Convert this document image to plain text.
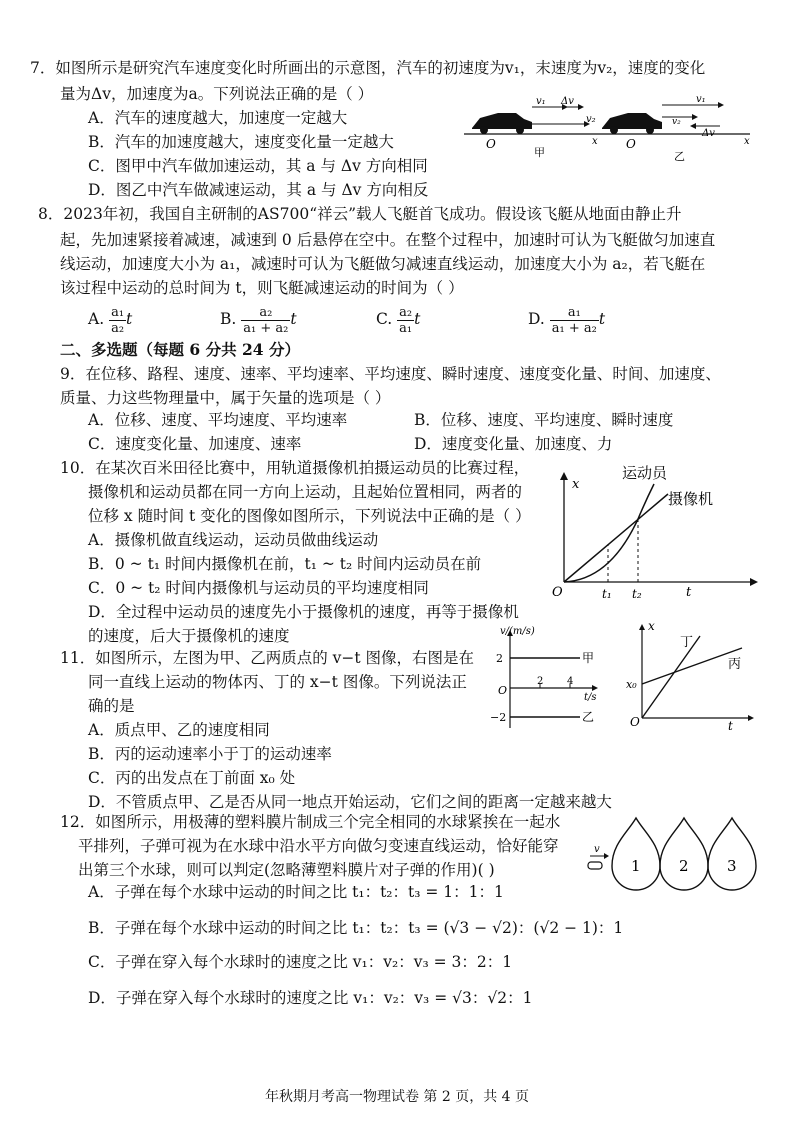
7．如图所示是研究汽车速度变化时所画出的示意图，汽车的初速度为v₁，末速度为v₂，速度的变化
量为Δv，加速度为a。下列说法正确的是（ ）
A．汽车的速度越大，加速度一定越大
B．汽车的加速度越大，速度变化量一定越大
C．图甲中汽车做加速运动，其 a 与 Δv 方向相同
D．图乙中汽车做减速运动，其 a 与 Δv 方向相反
v₁ Δv
v₂
O	x
甲
v₁
v₂
Δv
O	x
乙
8．2023年初，我国自主研制的AS700“祥云”载人飞艇首飞成功。假设该飞艇从地面由静止升
起，先加速紧接着减速，减速到 0 后悬停在空中。在整个过程中，加速时可认为飞艇做匀加速直
线运动，加速度大小为 a₁，减速时可认为飞艇做匀减速直线运动，加速度大小为 a₂，若飞艇在
该过程中运动的总时间为 t，则飞艇减速运动的时间为（ ）
A. $\frac{\text{a₁}}{\text{a₂}}$ t	B. $\frac{\text{a₂}}{\text{a₁ + a₂}}$ t	C. $\frac{\text{a₂}}{\text{a₁}}$ t	D. $\frac{\text{a₁}}{\text{a₁ + a₂}}$ t
二、多选题（每题 6 分共 24 分）
9．在位移、路程、速度、速率、平均速率、平均速度、瞬时速度、速度变化量、时间、加速度、
质量、力这些物理量中，属于矢量的选项是（ ）
A．位移、速度、平均速度、平均速率	B．位移、速度、平均速度、瞬时速度
C．速度变化量、加速度、速率	D．速度变化量、加速度、力
10．在某次百米田径比赛中，用轨道摄像机拍摄运动员的比赛过程，
摄像机和运动员都在同一方向上运动，且起始位置相同，两者的
位移 x 随时间 t 变化的图像如图所示，下列说法中正确的是（ ）
A．摄像机做直线运动，运动员做曲线运动
B．0 ~ t₁ 时间内摄像机在前，t₁ ~ t₂ 时间内运动员在前
C．0 ~ t₂ 时间内摄像机与运动员的平均速度相同
D．全过程中运动员的速度先小于摄像机的速度，再等于摄像机
的速度，后大于摄像机的速度
x
运动员
摄像机
O	t₁ t₂	t
11．如图所示，左图为甲、乙两质点的 v−t 图像，右图是在
同一直线上运动的物体丙、丁的 x−t 图像。下列说法正
确的是
A．质点甲、乙的速度相同
B．丙的运动速率小于丁的运动速率
C．丙的出发点在丁前面 x₀ 处
D．不管质点甲、乙是否从同一地点开始运动，它们之间的距离一定越来越大
v/(m/s)
2
−2
O
2 4
t/s
甲
乙
x
x₀
O	t
丁
丙
12．如图所示，用极薄的塑料膜片制成三个完全相同的水球紧挨在一起水
平排列，子弹可视为在水球中沿水平方向做匀变速直线运动，恰好能穿
出第三个水球，则可以判定(忽略薄塑料膜片对子弹的作用)( )
A．子弹在每个水球中运动的时间之比 t₁：t₂：t₃ = 1：1：1
B．子弹在每个水球中运动的时间之比 t₁：t₂：t₃ = (√3 − √2)：(√2 − 1)：1
C．子弹在穿入每个水球时的速度之比 v₁：v₂：v₃ = 3：2：1
D．子弹在穿入每个水球时的速度之比 v₁：v₂：v₃ = √3：√2：1
1	2	3
v
年秋期月考高一物理试卷 第 2 页，共 4 页
